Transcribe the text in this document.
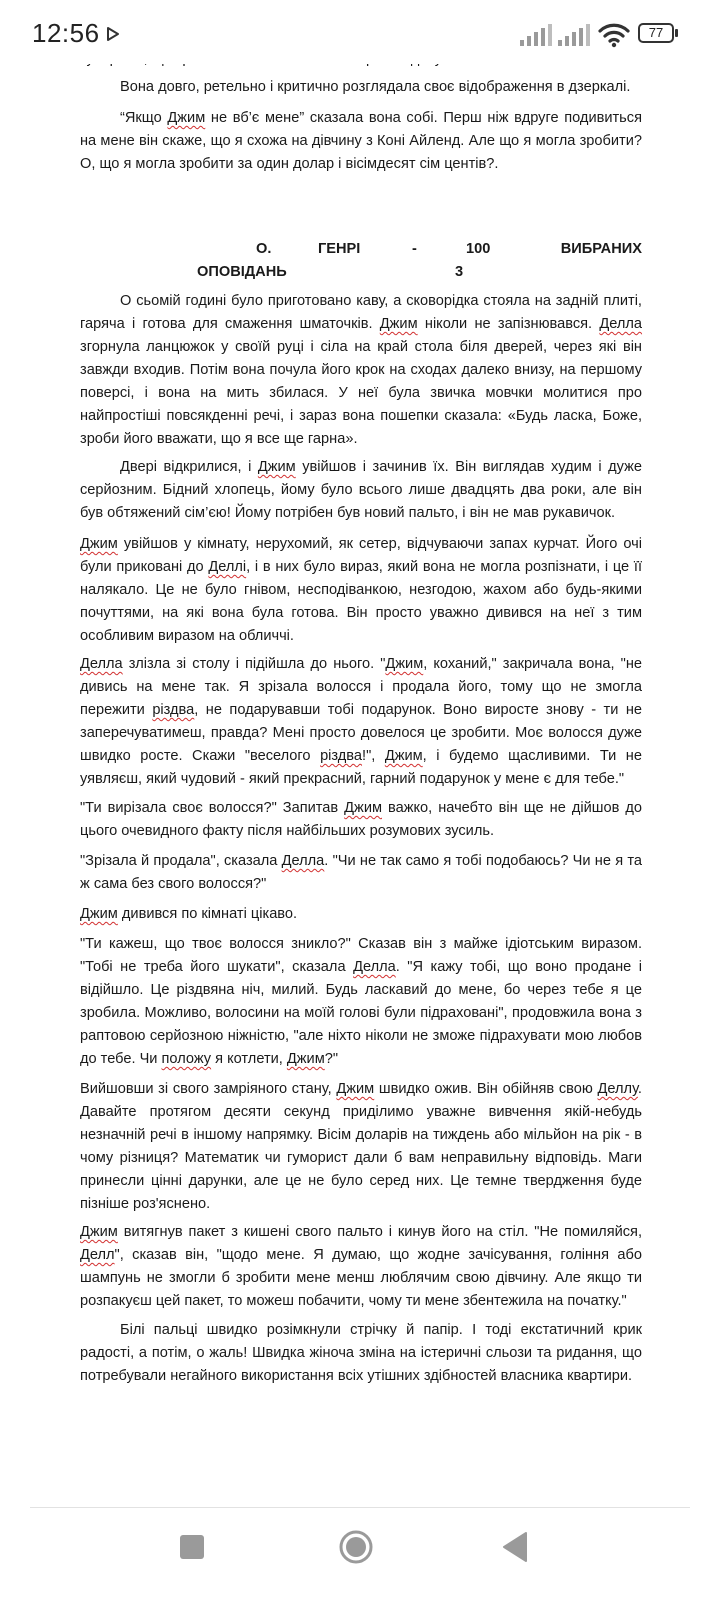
12:56	77

Вона довго, ретельно і критично розглядала своє відображення в дзеркалі.

“Якщо Джим не вб’є мене” сказала вона собі. Перш ніж вдруге подивиться на мене він скаже, що я схожа на дівчину з Коні Айленд. Але що я могла зробити? О, що я могла зробити за один долар і вісімдесят сім центів?.

О.	ГЕНРІ	-	100	ВИБРАНИХ
ОПОВІДАНЬ	3

О сьомій годині було приготовано каву, а сковорідка стояла на задній плиті, гаряча і готова для смаження шматочків. Джим ніколи не запізнювався. Делла згорнула ланцюжок у своїй руці і сіла на край стола біля дверей, через які він завжди входив. Потім вона почула його крок на сходах далеко внизу, на першому поверсі, і вона на мить збилася. У неї була звичка мовчки молитися про найпростіші повсякденні речі, і зараз вона пошепки сказала: «Будь ласка, Боже, зроби його вважати, що я все ще гарна».

Двері відкрилися, і Джим увійшов і зачинив їх. Він виглядав худим і дуже серйозним. Бідний хлопець, йому було всього лише двадцять два роки, але він був обтяжений сім’єю! Йому потрібен був новий пальто, і він не мав рукавичок.

Джим увійшов у кімнату, нерухомий, як сетер, відчуваючи запах курчат. Його очі були приковані до Деллі, і в них було вираз, який вона не могла розпізнати, і це її налякало. Це не було гнівом, несподіванкою, незгодою, жахом або будь-якими почуттями, на які вона була готова. Він просто уважно дивився на неї з тим особливим виразом на обличчі.

Делла злізла зі столу і підійшла до нього. "Джим, коханий," закричала вона, "не дивись на мене так. Я зрізала волосся і продала його, тому що не змогла пережити різдва, не подарувавши тобі подарунок. Воно виросте знову - ти не заперечуватимеш, правда? Мені просто довелося це зробити. Моє волосся дуже швидко росте. Скажи "веселого різдва!", Джим, і будемо щасливими. Ти не уявляєш, який чудовий - який прекрасний, гарний подарунок у мене є для тебе."

"Ти вирізала своє волосся?" Запитав Джим важко, начебто він ще не дійшов до цього очевидного факту після найбільших розумових зусиль.

"Зрізала й продала", сказала Делла. "Чи не так само я тобі подобаюсь? Чи не я та ж сама без свого волосся?"

Джим дивився по кімнаті цікаво.

"Ти кажеш, що твоє волосся зникло?" Сказав він з майже ідіотським виразом. "Тобі не треба його шукати", сказала Делла. "Я кажу тобі, що воно продане і відійшло. Це різдвяна ніч, милий. Будь ласкавий до мене, бо через тебе я це зробила. Можливо, волосини на моїй голові були підраховані", продовжила вона з раптовою серйозною ніжністю, "але ніхто ніколи не зможе підрахувати мою любов до тебе. Чи положу я котлети, Джим?"

Вийшовши зі свого замріяного стану, Джим швидко ожив. Він обійняв свою Деллу. Давайте протягом десяти секунд приділимо уважне вивчення якій-небудь незначній речі в іншому напрямку. Вісім доларів на тиждень або мільйон на рік - в чому різниця? Математик чи гуморист дали б вам неправильну відповідь. Маги принесли цінні дарунки, але це не було серед них. Це темне твердження буде пізніше роз'яснено.

Джим витягнув пакет з кишені свого пальто і кинув його на стіл. "Не помиляйся, Делл", сказав він, "щодо мене. Я думаю, що жодне зачісування, гоління або шампунь не змогли б зробити мене менш люблячим свою дівчину. Але якщо ти розпакуєш цей пакет, то можеш побачити, чому ти мене збентежила на початку."

Білі пальці швидко розімкнули стрічку й папір. І тоді екстатичний крик радості, а потім, о жаль! Швидка жіноча зміна на істеричні сльози та ридання, що потребували негайного використання всіх утішних здібностей власника квартири.
